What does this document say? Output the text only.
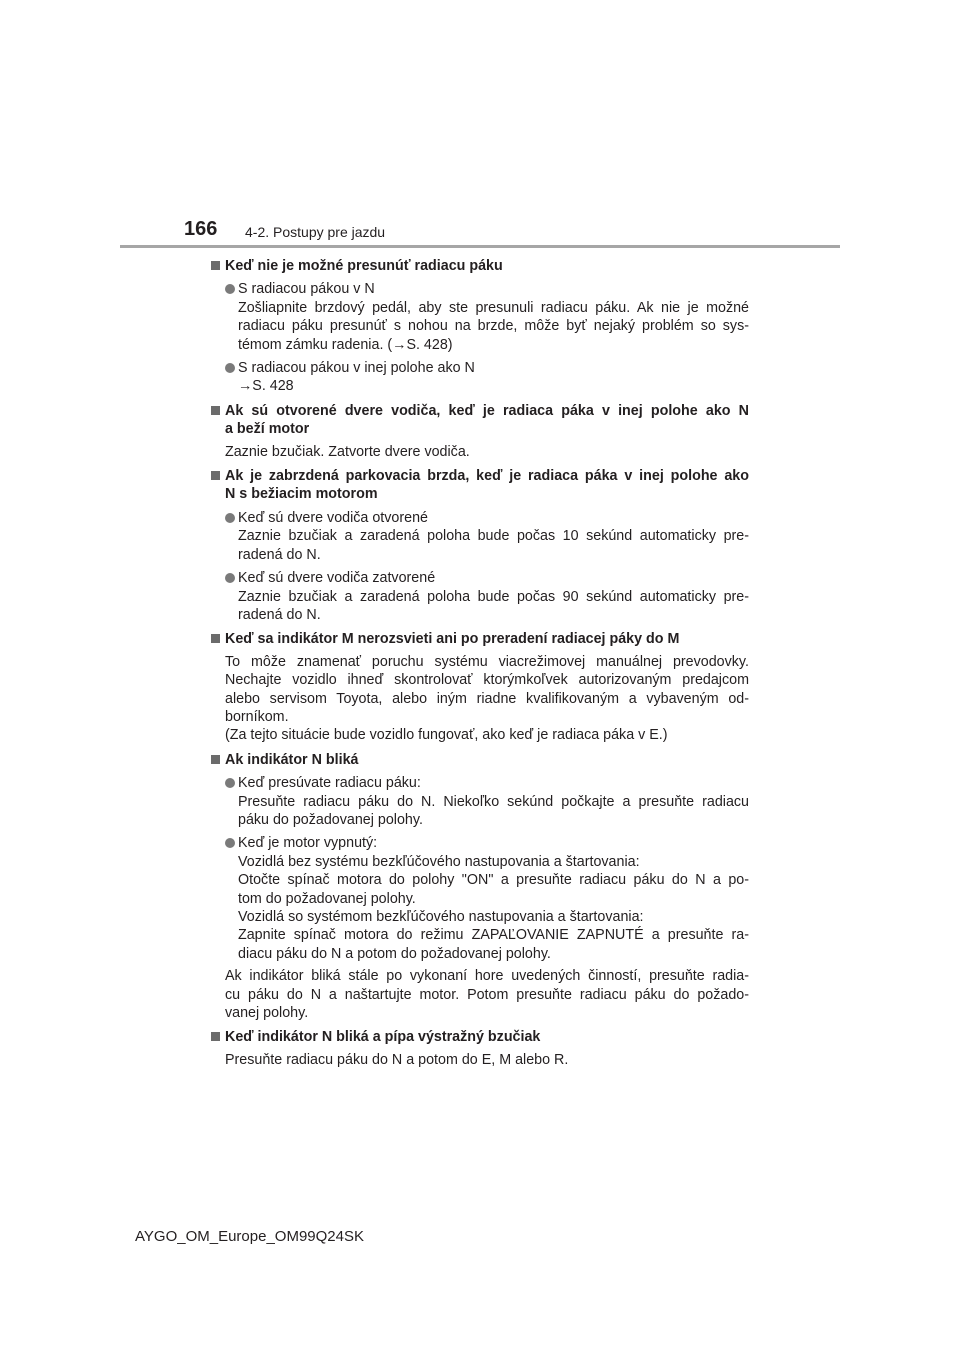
166 4-2. Postupy pre jazdu
Keď nie je možné presunúť radiacu páku
S radiacou pákou v N
Zošliapnite brzdový pedál, aby ste presunuli radiacu páku. Ak nie je možné
radiacu páku presunúť s nohou na brzde, môže byť nejaký problém so sys-
témom zámku radenia. (→S. 428)
S radiacou pákou v inej polohe ako N
→S. 428
Ak sú otvorené dvere vodiča, keď je radiaca páka v inej polohe ako N
a beží motor
Zaznie bzučiak. Zatvorte dvere vodiča.
Ak je zabrzdená parkovacia brzda, keď je radiaca páka v inej polohe ako
N s bežiacim motorom
Keď sú dvere vodiča otvorené
Zaznie bzučiak a zaradená poloha bude počas 10 sekúnd automaticky pre-
radená do N.
Keď sú dvere vodiča zatvorené
Zaznie bzučiak a zaradená poloha bude počas 90 sekúnd automaticky pre-
radená do N.
Keď sa indikátor M nerozsvieti ani po preradení radiacej páky do M
To môže znamenať poruchu systému viacrežimovej manuálnej prevodovky.
Nechajte vozidlo ihneď skontrolovať ktorýmkoľvek autorizovaným predajcom
alebo servisom Toyota, alebo iným riadne kvalifikovaným a vybaveným od-
borníkom.
(Za tejto situácie bude vozidlo fungovať, ako keď je radiaca páka v E.)
Ak indikátor N bliká
Keď presúvate radiacu páku:
Presuňte radiacu páku do N. Niekoľko sekúnd počkajte a presuňte radiacu
páku do požadovanej polohy.
Keď je motor vypnutý:
Vozidlá bez systému bezkľúčového nastupovania a štartovania:
Otočte spínač motora do polohy "ON" a presuňte radiacu páku do N a po-
tom do požadovanej polohy.
Vozidlá so systémom bezkľúčového nastupovania a štartovania:
Zapnite spínač motora do režimu ZAPAĽOVANIE ZAPNUTÉ a presuňte ra-
diacu páku do N a potom do požadovanej polohy.
Ak indikátor bliká stále po vykonaní hore uvedených činností, presuňte radia-
cu páku do N a naštartujte motor. Potom presuňte radiacu páku do požado-
vanej polohy.
Keď indikátor N bliká a pípa výstražný bzučiak
Presuňte radiacu páku do N a potom do E, M alebo R.
AYGO_OM_Europe_OM99Q24SK
